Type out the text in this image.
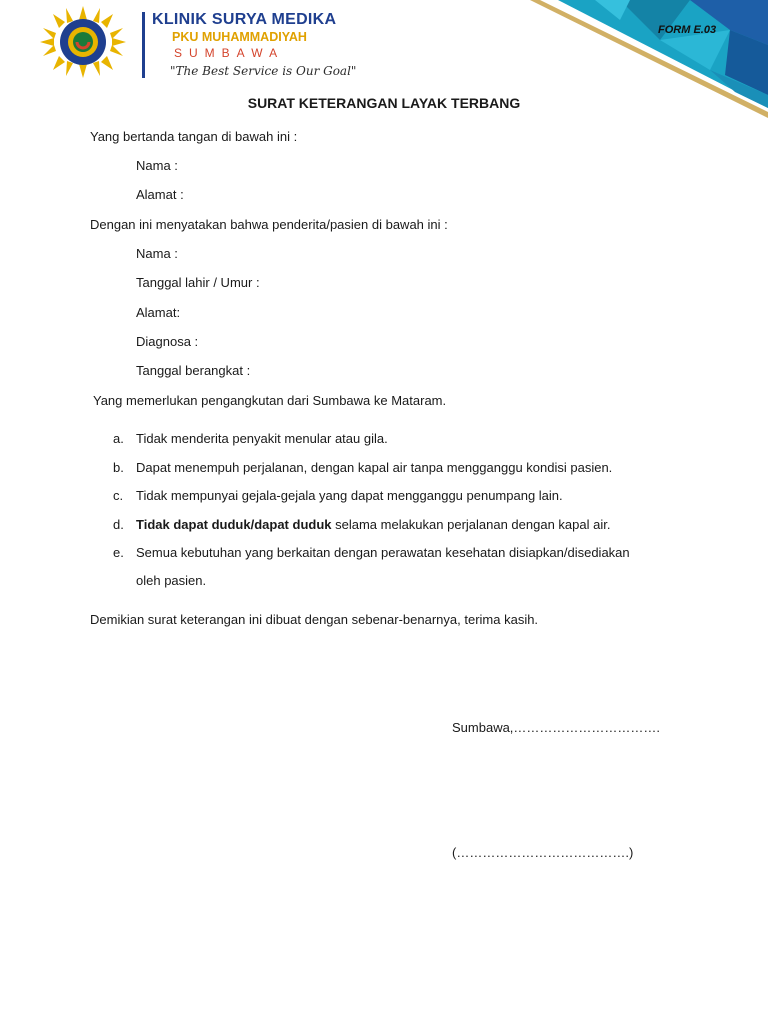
KLINIK SURYA MEDIKA
PKU MUHAMMADIYAH
SUMBAWA
"The Best Service is Our Goal"
FORM E.03
SURAT KETERANGAN LAYAK TERBANG
Yang bertanda tangan di bawah ini :
Nama :
Alamat :
Dengan ini menyatakan bahwa penderita/pasien di bawah ini :
Nama :
Tanggal lahir / Umur :
Alamat:
Diagnosa :
Tanggal berangkat :
Yang memerlukan pengangkutan dari Sumbawa ke Mataram.
a. Tidak menderita penyakit menular atau gila.
b. Dapat menempuh perjalanan, dengan kapal air tanpa mengganggu kondisi pasien.
c. Tidak mempunyai gejala-gejala yang dapat mengganggu penumpang lain.
d. Tidak dapat duduk/dapat duduk selama melakukan perjalanan dengan kapal air.
e. Semua kebutuhan yang berkaitan dengan perawatan kesehatan disiapkan/disediakan
oleh pasien.
Demikian surat keterangan ini dibuat dengan sebenar-benarnya, terima kasih.
Sumbawa,…………………………….
(………………………………….)
